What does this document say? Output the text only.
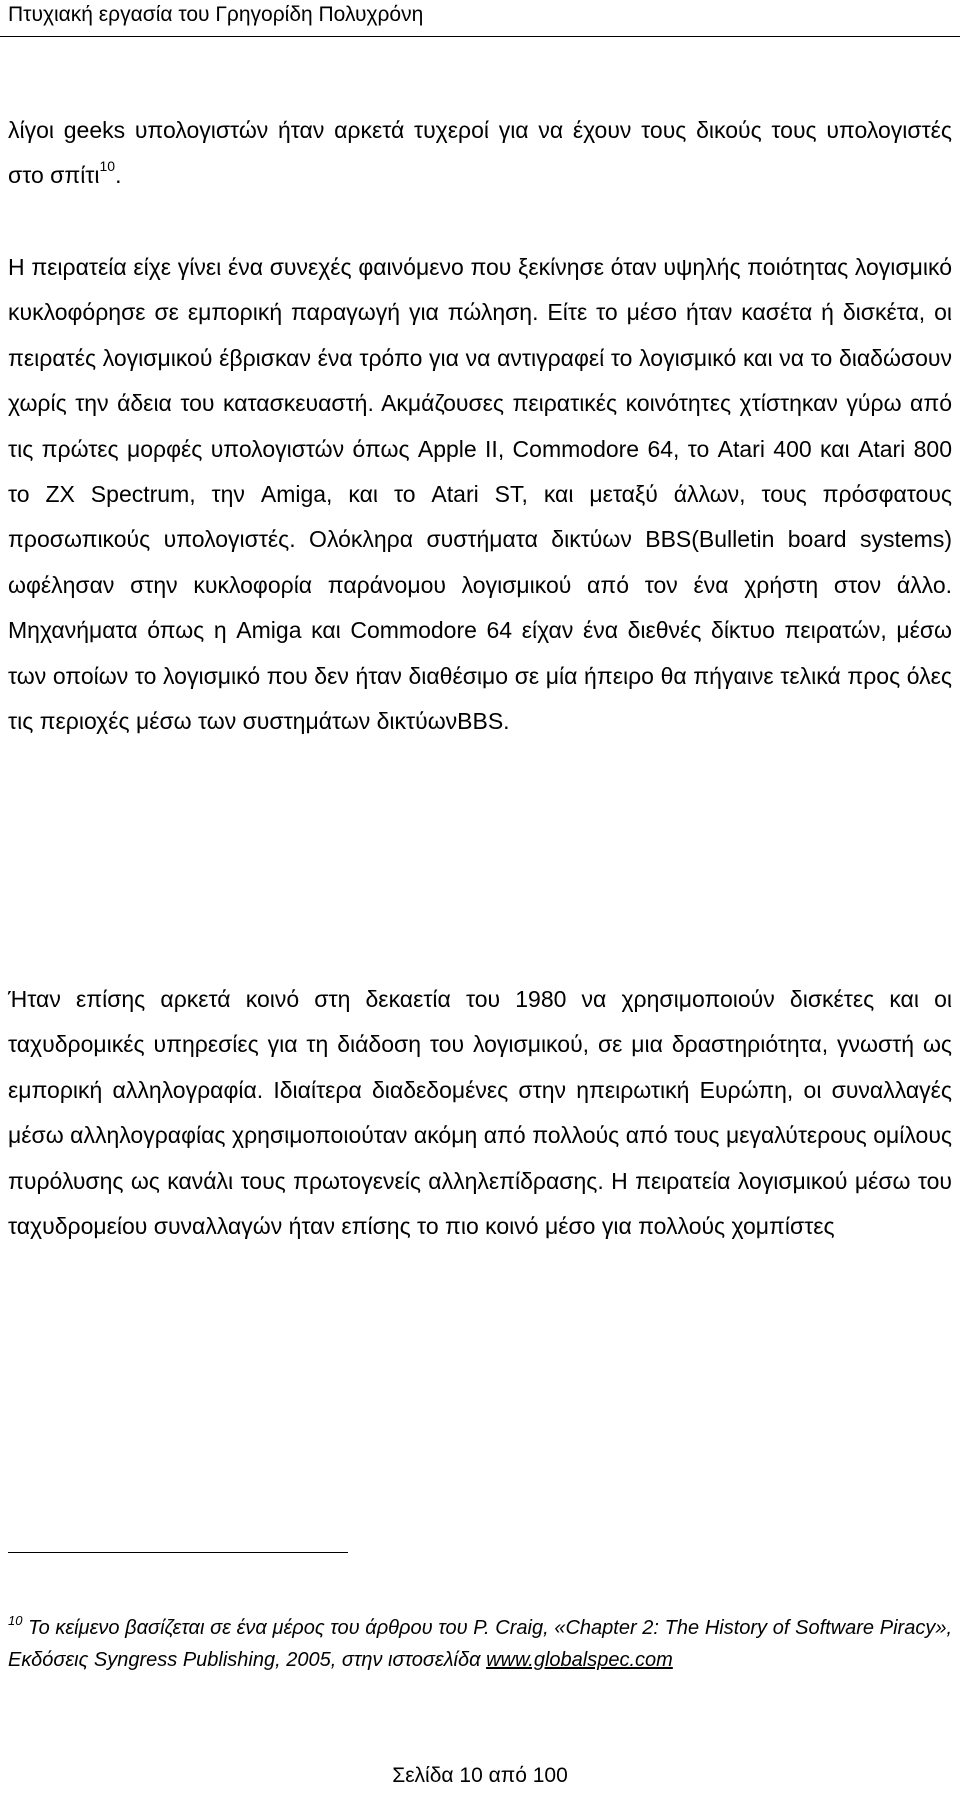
Πτυχιακή εργασία του Γρηγορίδη Πολυχρόνη

λίγοι geeks υπολογιστών ήταν αρκετά τυχεροί για να έχουν τους δικούς τους υπολογιστές στο σπίτι$^{10}$.

Η πειρατεία είχε γίνει ένα συνεχές φαινόμενο που ξεκίνησε όταν υψηλής ποιότητας λογισμικό κυκλοφόρησε σε εμπορική παραγωγή για πώληση. Είτε το μέσο ήταν κασέτα ή δισκέτα, οι πειρατές λογισμικού έβρισκαν ένα τρόπο για να αντιγραφεί το λογισμικό και να το διαδώσουν χωρίς την άδεια του κατασκευαστή. Ακμάζουσες πειρατικές κοινότητες χτίστηκαν γύρω από τις πρώτες μορφές υπολογιστών όπως Apple II, Commodore 64, το Atari 400 και Atari 800 το ZX Spectrum, την Amiga, και το Atari ST, και μεταξύ άλλων, τους πρόσφατους προσωπικούς υπολογιστές. Ολόκληρα συστήματα δικτύων BBS(Bulletin board systems) ωφέλησαν στην κυκλοφορία παράνομου λογισμικού από τον ένα χρήστη στον άλλο. Μηχανήματα όπως η Amiga και Commodore 64 είχαν ένα διεθνές δίκτυο πειρατών, μέσω των οποίων το λογισμικό που δεν ήταν διαθέσιμο σε μία ήπειρο θα πήγαινε τελικά προς όλες τις περιοχές μέσω των συστημάτων δικτύωνBBS.

Ήταν επίσης αρκετά κοινό στη δεκαετία του 1980 να χρησιμοποιούν δισκέτες και οι ταχυδρομικές υπηρεσίες για τη διάδοση του λογισμικού, σε μια δραστηριότητα, γνωστή ως εμπορική αλληλογραφία. Ιδιαίτερα διαδεδομένες στην ηπειρωτική Ευρώπη, οι συναλλαγές μέσω αλληλογραφίας χρησιμοποιούταν ακόμη από πολλούς από τους μεγαλύτερους ομίλους πυρόλυσης ως κανάλι τους πρωτογενείς αλληλεπίδρασης. Η πειρατεία λογισμικού μέσω του ταχυδρομείου συναλλαγών ήταν επίσης το πιο κοινό μέσο για πολλούς χομπίστες

$^{10}$ Το κείμενο βασίζεται σε ένα μέρος του άρθρου του P. Craig, «Chapter 2: The History of Software Piracy», Εκδόσεις Syngress Publishing, 2005, στην ιστοσελίδα www.globalspec.com

Σελίδα 10 από 100
